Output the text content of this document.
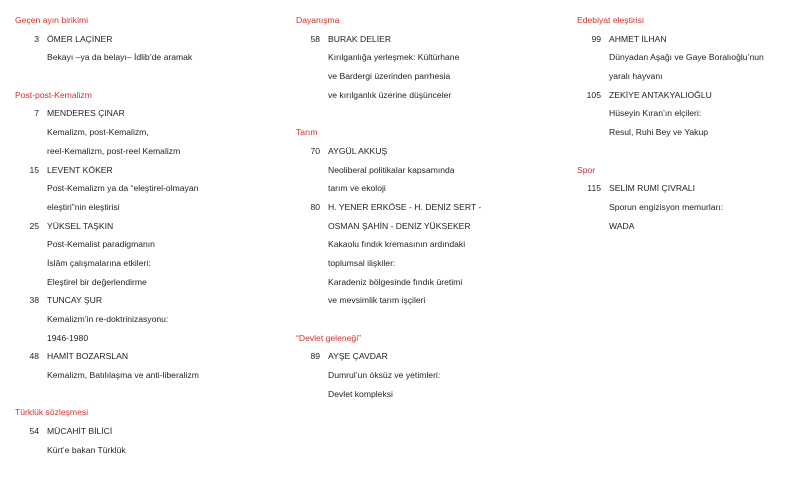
Geçen ayın birikimi
3 ÖMER LAÇİNER
Bekayı –ya da belayı– İdlib’de aramak
Post-post-Kemalizm
7 MENDERES ÇINAR
Kemalizm, post-Kemalizm,
reel-Kemalizm, post-reel Kemalizm
15 LEVENT KÖKER
Post-Kemalizm ya da “eleştirel-olmayan
eleştiri”nin eleştirisi
25 YÜKSEL TAŞKIN
Post-Kemalist paradigmanın
İslâm çalışmalarına etkileri:
Eleştirel bir değerlendirme
38 TUNCAY ŞUR
Kemalizm’in re-doktrinizasyonu:
1946-1980
48 HAMİT BOZARSLAN
Kemalizm, Batılılaşma ve anti-liberalizm
Türklük sözleşmesi
54 MÜCAHİT BİLİCİ
Kürt’e bakan Türklük
Dayanışma
58 BURAK DELİER
Kırılganlığa yerleşmek: Kültürhane
ve Bardergi üzerinden parrhesia
ve kırılganlık üzerine düşünceler
Tarım
70 AYGÜL AKKUŞ
Neoliberal politikalar kapsamında
tarım ve ekoloji
80 H. YENER ERKÖSE - H. DENİZ SERT -
OSMAN ŞAHİN - DENİZ YÜKSEKER
Kakaolu fındık kremasının ardındaki
toplumsal ilişkiler:
Karadeniz bölgesinde fındık üretimi
ve mevsimlik tarım işçileri
“Devlet geleneği”
89 AYŞE ÇAVDAR
Dumrul’un öksüz ve yetimleri:
Devlet kompleksi
Edebiyat eleştirisi
99 AHMET İLHAN
Dünyadan Aşağı ve Gaye Boralıoğlu’nun
yaralı hayvanı
105 ZEKİYE ANTAKYALIOĞLU
Hüseyin Kıran’ın elçileri:
Resul, Ruhi Bey ve Yakup
Spor
115 SELİM RUMİ ÇIVRALI
Sporun engizisyon memurları:
WADA
